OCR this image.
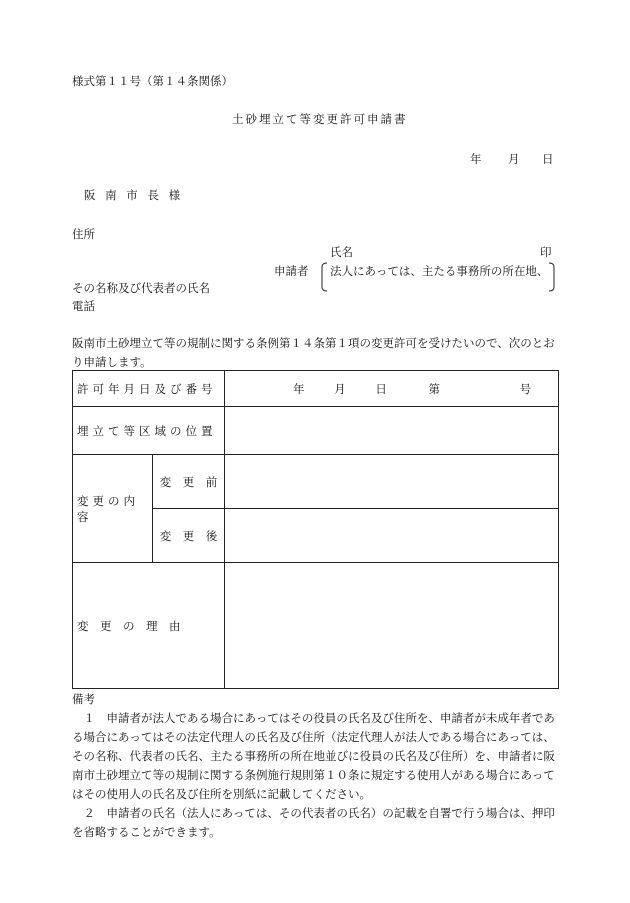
様式第１１号（第１４条関係）
土砂埋立て等変更許可申請書
年 月 日
阪 南 市 長 様
住所
氏名	印
申請者 法人にあっては、主たる事務所の所在地、
その名称及び代表者の氏名
電話
阪南市土砂埋立て等の規制に関する条例第１４条第１項の変更許可を受けたいので、次のとおり申請します。
許可年月日及び番号		年 月 日 第 号
埋立て等区域の位置		
変更の内容	変　更　前	
	変　更　後	
変　更　の　理　由		

備考

１　申請者が法人である場合にあってはその役員の氏名及び住所を、申請者が未成年者である場合にあってはその法定代理人の氏名及び住所（法定代理人が法人である場合にあっては、その名称、代表者の氏名、主たる事務所の所在地並びに役員の氏名及び住所）を、申請者に阪南市土砂埋立て等の規制に関する条例施行規則第１０条に規定する使用人がある場合にあってはその使用人の氏名及び住所を別紙に記載してください。

２　申請者の氏名（法人にあっては、その代表者の氏名）の記載を自署で行う場合は、押印を省略することができます。
